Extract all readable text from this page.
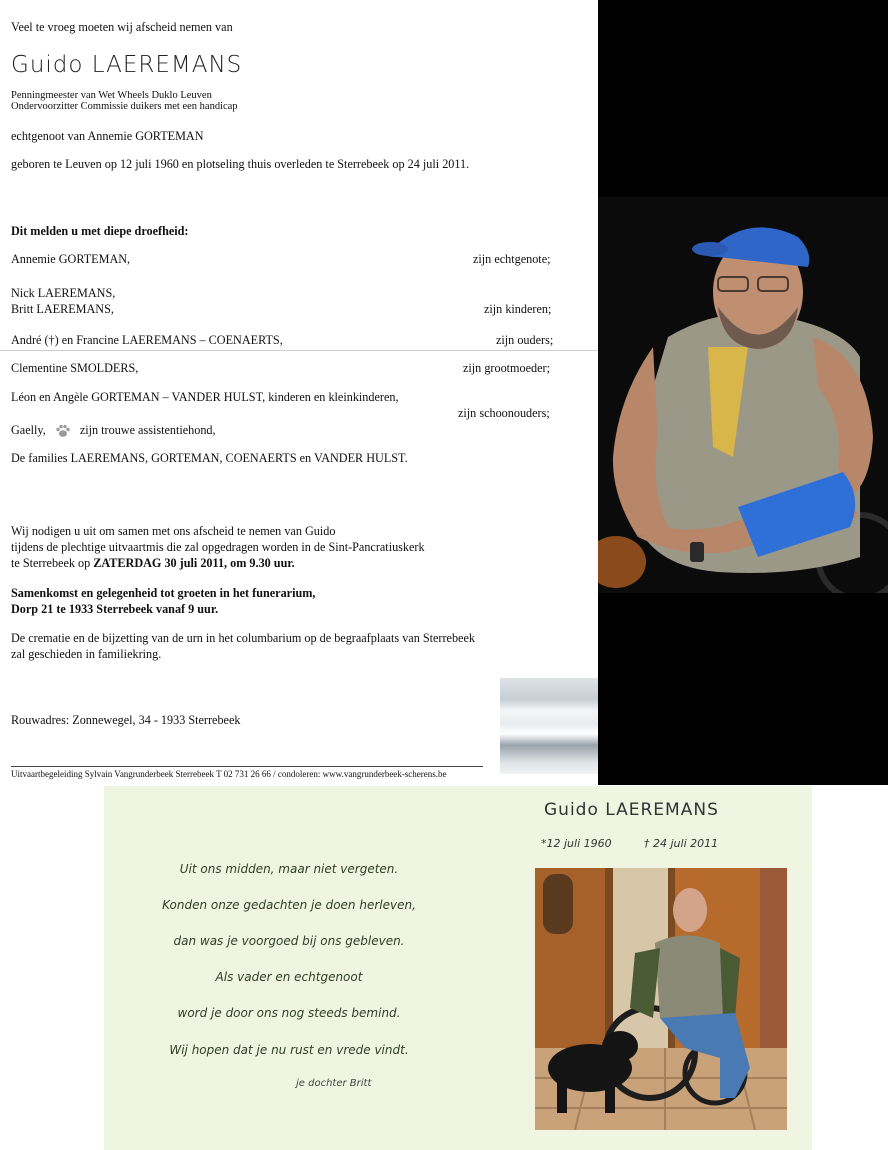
Veel te vroeg moeten wij afscheid nemen van
Guido LAEREMANS
Penningmeester van Wet Wheels Duklo Leuven
Ondervoorzitter Commissie duikers met een handicap
echtgenoot van Annemie GORTEMAN
geboren te Leuven op 12 juli 1960 en plotseling thuis overleden te Sterrebeek op 24 juli 2011.
Dit melden u met diepe droefheid:
Annemie GORTEMAN,	zijn echtgenote;
Nick LAEREMANS,
Britt LAEREMANS,	zijn kinderen;
André (†) en Francine LAEREMANS – COENAERTS,	zijn ouders;
Clementine SMOLDERS,	zijn grootmoeder;
Léon en Angèle GORTEMAN – VANDER HULST, kinderen en kleinkinderen,
zijn schoonouders;
Gaelly,	zijn trouwe assistentiehond,
De families LAEREMANS, GORTEMAN, COENAERTS en VANDER HULST.
Wij nodigen u uit om samen met ons afscheid te nemen van Guido
tijdens de plechtige uitvaartmis die zal opgedragen worden in de Sint-Pancratiuskerk
te Sterrebeek op ZATERDAG 30 juli 2011, om 9.30 uur.
Samenkomst en gelegenheid tot groeten in het funerarium,
Dorp 21 te 1933 Sterrebeek vanaf 9 uur.
De crematie en de bijzetting van de urn in het columbarium op de begraafplaats van Sterrebeek
zal geschieden in familiekring.
Rouwadres: Zonnewegel, 34 - 1933 Sterrebeek
Uitvaartbegeleiding Sylvain Vangrunderbeek Sterrebeek T 02 731 26 66 / condoleren: www.vangrunderbeek-scherens.be
Uit ons midden, maar niet vergeten.
Konden onze gedachten je doen herleven,
dan was je voorgoed bij ons gebleven.
Als vader en echtgenoot
word je door ons nog steeds bemind.
Wij hopen dat je nu rust en vrede vindt.
je dochter Britt
Guido LAEREMANS
*12 juli 1960	† 24 juli 2011
